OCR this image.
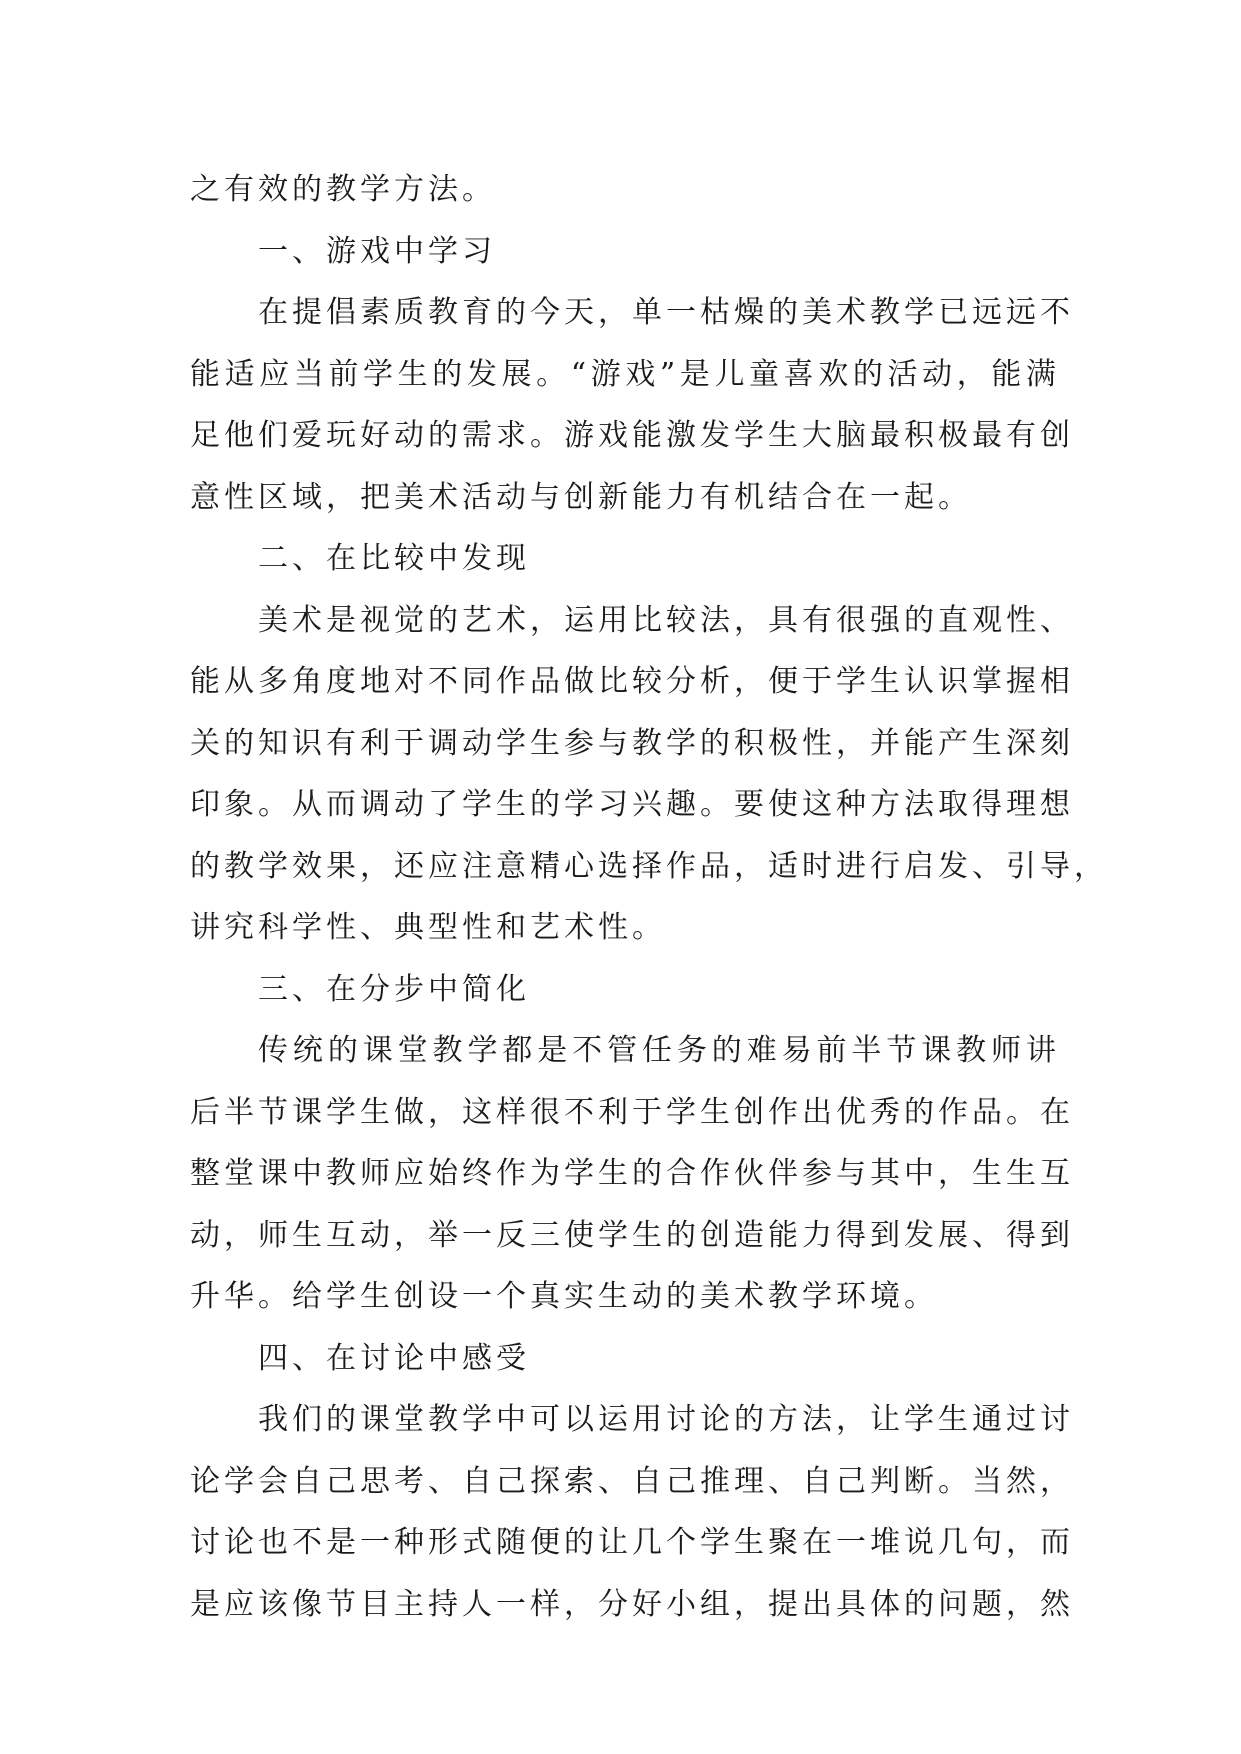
之有效的教学方法。

一、游戏中学习

在 提 倡 素 质 教 育 的 今 天 ， 单 一 枯 燥 的 美 术 教 学 已 远 远 不

能 适 应 当 前 学 生 的 发 展 。 “ 游 戏 ” 是 儿 童 喜 欢 的 活 动 ， 能 满

足 他 们 爱 玩 好 动 的 需 求 。 游 戏 能 激 发 学 生 大 脑 最 积 极 最 有 创

意性区域，把美术活动与创新能力有机结合在一起。

二、在比较中发现

美 术 是 视 觉 的 艺 术 ， 运 用 比 较 法 ， 具 有 很 强 的 直 观 性 、

能 从 多 角 度 地 对 不 同 作 品 做 比 较 分 析 ， 便 于 学 生 认 识 掌 握 相

关 的 知 识 有 利 于 调 动 学 生 参 与 教 学 的 积 极 性 ， 并 能 产 生 深 刻

印 象 。 从 而 调 动 了 学 生 的 学 习 兴 趣 。 要 使 这 种 方 法 取 得 理 想

的 教 学 效 果 ， 还 应 注 意 精 心 选 择 作 品 ， 适 时 进 行 启 发 、 引 导 ，

讲究科学性、典型性和艺术性。

三、在分步中简化

传 统 的 课 堂 教 学 都 是 不 管 任 务 的 难 易 前 半 节 课 教 师 讲

后 半 节 课 学 生 做 ， 这 样 很 不 利 于 学 生 创 作 出 优 秀 的 作 品 。 在

整 堂 课 中 教 师 应 始 终 作 为 学 生 的 合 作 伙 伴 参 与 其 中 ， 生 生 互

动 ， 师 生 互 动 ， 举 一 反 三 使 学 生 的 创 造 能 力 得 到 发 展 、 得 到

升华。给学生创设一个真实生动的美术教学环境。

四、在讨论中感受

我 们 的 课 堂 教 学 中 可 以 运 用 讨 论 的 方 法 ， 让 学 生 通 过 讨

论 学 会 自 己 思 考 、 自 己 探 索 、 自 己 推 理 、 自 己 判 断 。 当 然 ，

讨 论 也 不 是 一 种 形 式 随 便 的 让 几 个 学 生 聚 在 一 堆 说 几 句 ， 而

是 应 该 像 节 目 主 持 人 一 样 ， 分 好 小 组 ， 提 出 具 体 的 问 题 ， 然
